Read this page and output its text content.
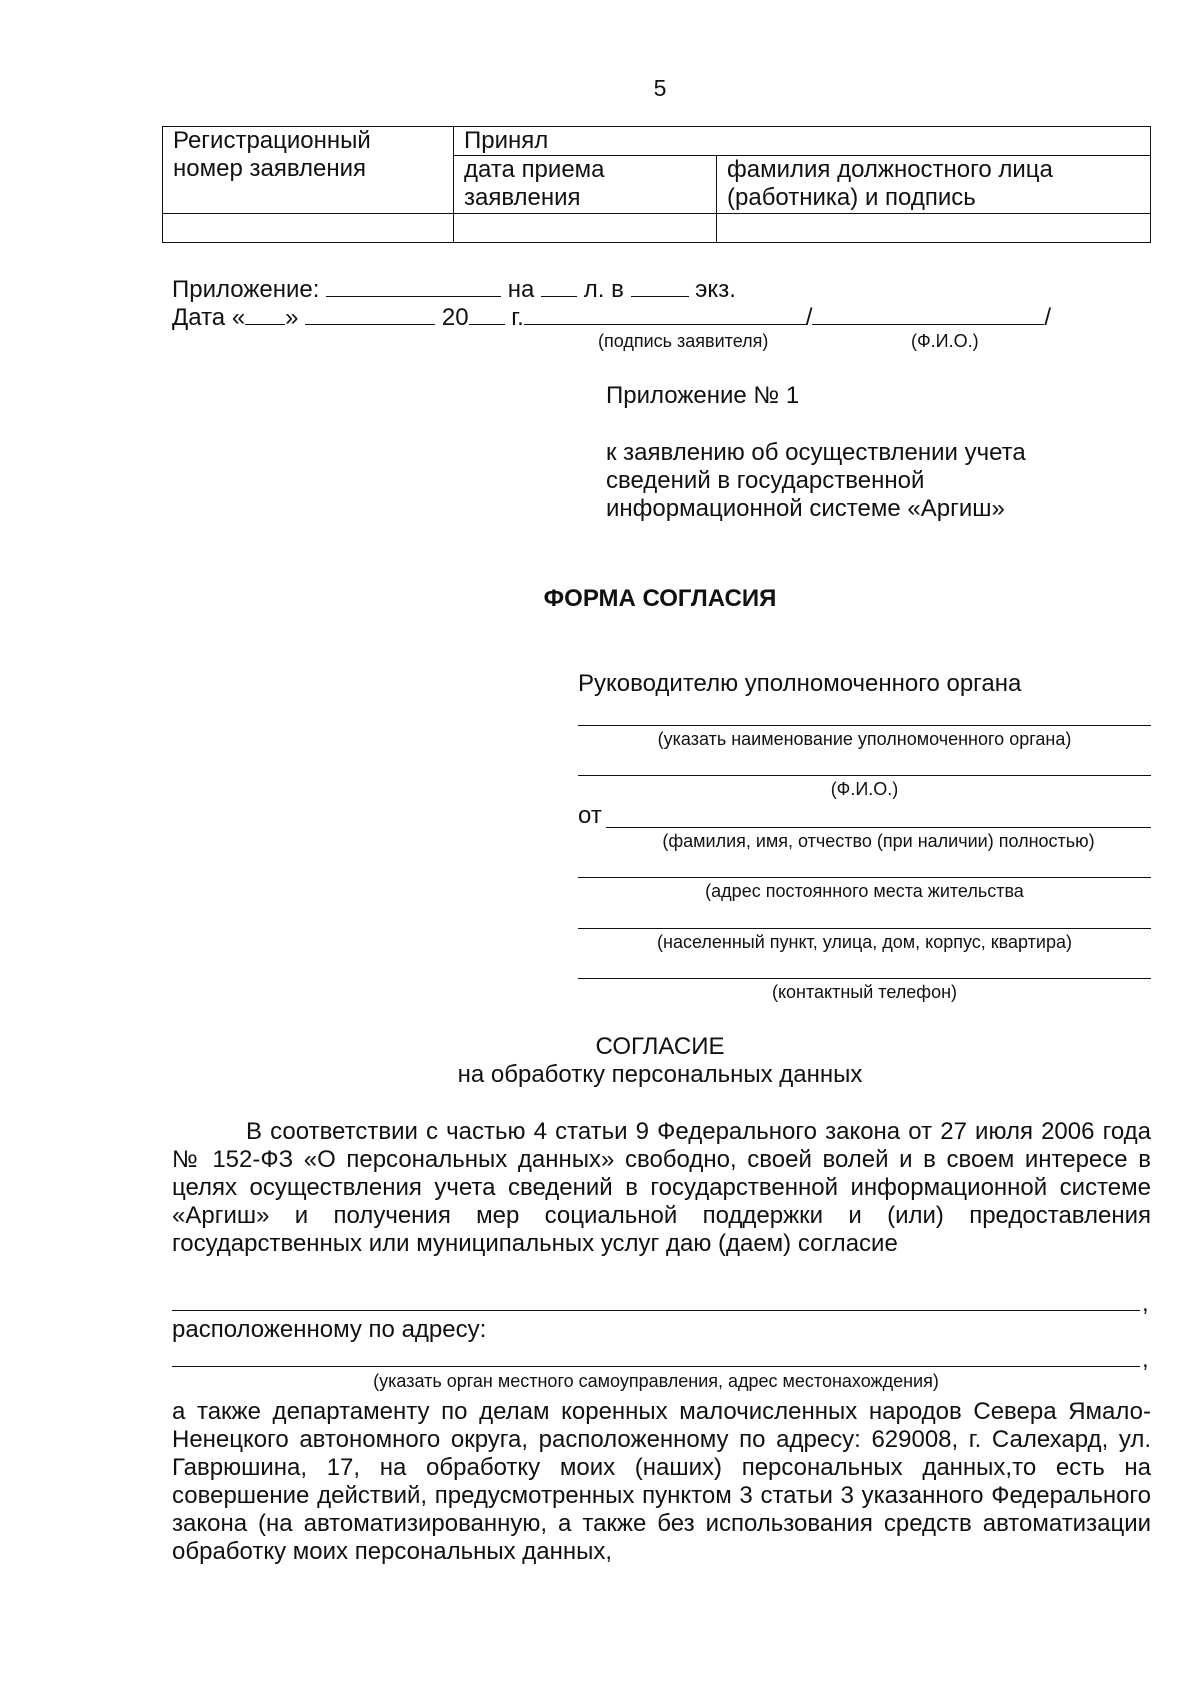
5
Регистрационный номер заявления	Принял	
	дата приема заявления	фамилия должностного лица (работника) и подпись

Приложение:	на л. в	экз.
Дата « »	20 г.	/	/
(подпись заявителя)	(Ф.И.О.)
Приложение № 1
к заявлению об осуществлении учета сведений в государственной информационной системе «Аргиш»
ФОРМА СОГЛАСИЯ
Руководителю уполномоченного органа
(указать наименование уполномоченного органа)
(Ф.И.О.)
от
(фамилия, имя, отчество (при наличии) полностью)
(адрес постоянного места жительства
(населенный пункт, улица, дом, корпус, квартира)
(контактный телефон)
СОГЛАСИЕ
на обработку персональных данных
В соответствии с частью 4 статьи 9 Федерального закона от 27 июля 2006 года № 152-ФЗ «О персональных данных» свободно, своей волей и в своем интересе в целях осуществления учета сведений в государственной информационной системе «Аргиш» и получения мер социальной поддержки и (или) предоставления государственных или муниципальных услуг даю (даем) согласие
,
расположенному по адресу:
,
(указать орган местного самоуправления, адрес местонахождения)
а также департаменту по делам коренных малочисленных народов Севера Ямало-Ненецкого автономного округа, расположенному по адресу: 629008, г. Салехард, ул. Гаврюшина, 17, на обработку моих (наших) персональных данных,то есть на совершение действий, предусмотренных пунктом 3 статьи 3 указанного Федерального закона (на автоматизированную, а также без использования средств автоматизации обработку моих персональных данных,
